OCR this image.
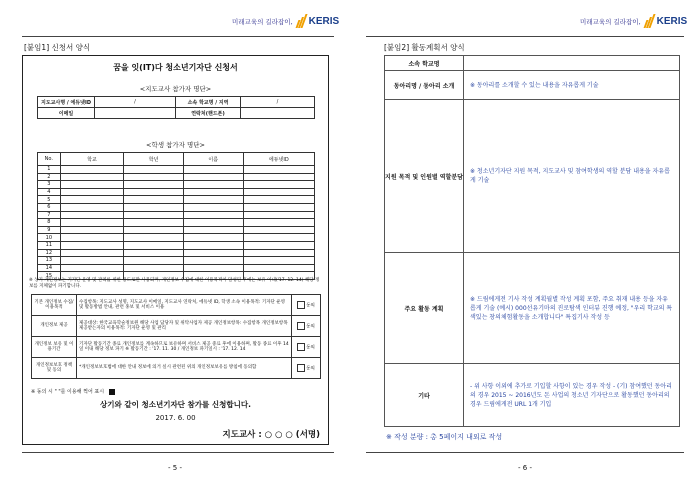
미래교육의 길라잡이, KERIS
[붙임1] 신청서 양식
꿈을 잇(IT)다 청소년기자단 신청서
<지도교사 참가자 명단>
지도교사명 / 에듀넷ID	/	소속 학교명 / 지역	/
이메일		연락처(핸드폰)	
<학생 참가자 명단>
No.	학교	학년	이름	에듀넷ID
1				
2				
3				
4				
5				
6				
7				
8				
9				
10				
11				
12				
13				
14				
15				
※ 상기 개인정보는 기자단 운영 및 관리를 위한 용도로만 사용되며, 개인정보 수집에 대한 이용목적이 달성된 후에는 보유 이내('17. 12. 14) 해당 정보를 지체없이 파기합니다.
기본 개인정보 수집/이용목적	수집항목: 지도교사 성명, 지도교사 이메일, 지도교사 연락처, 에듀넷 ID, 학생 소속 이용목적: 기자단 운영 및 활동방법 안내, 관련 홍보 및 서비스 이용	동의
개인정보 제공	제공대상: 한국교육학술정보원 해당 사업 담당자 및 위탁사업자 제공 개인정보항목: 수집항목 개인정보항목 제공받는자의 이용목적: 기자단 운영 및 관리	동의
개인정보 보유 및 이용기간	기자단 활동기간 종료 개인정보를 계속하므로 보유하며 서비스 제공 중료 후에 이용하며, 활동 종료 이후 14일 이내 해당 정보 파기 ※ 활동기간 : '17. 11. 30 / 개인정보 파기일시 : '17. 12. 14	동의
개인정보보호 정책 및 동의	*개인정보보호법에 대한 안내 정보에 의거 실시 관련된 위의 개인정보보유를 방침에 동의함	동의
※ 동의 시 " "를 이용해 찍어 표시
상기와 같이 청소년기자단 참가를 신청합니다.
2017. 6. 00
지도교사 : ○ ○ ○ (서명)
- 5 -
미래교육의 길라잡이, KERIS
[붙임2] 활동계획서 양식
소속 학교명	
동아리명 / 동아리 소개	※ 동아리를 소개할 수 있는 내용을 자유롭게 기술
지원 목적 및 인원별 역할분담	※ 청소년기자단 지원 목적, 지도교사 및 참여학생의 역할 분담 내용을 자유롭게 기술
주요 활동 계획	※ 드림에게전 기사 작성 계획월별 작성 계획 포함, 주요 취재 내용 등을 자유롭게 기술 (예시) 000선유기마의 진로탐색 인터뷰 진행 예정, "우리 학교의 특색있는 창의체험활동을 소개합니다" 특집기사 작성 등
기타	- 위 사항 이외에 추가로 기입할 사항이 있는 경우 작성 - (기) 참여했던 동아리의 경우 2015 ~ 2016년도 돈 사업의 청소년 기자단으로 활동했던 동아리의 경우 드림에게전 URL 1개 기입
※ 작성 분량 : 총 5페이지 내외로 작성
- 6 -
